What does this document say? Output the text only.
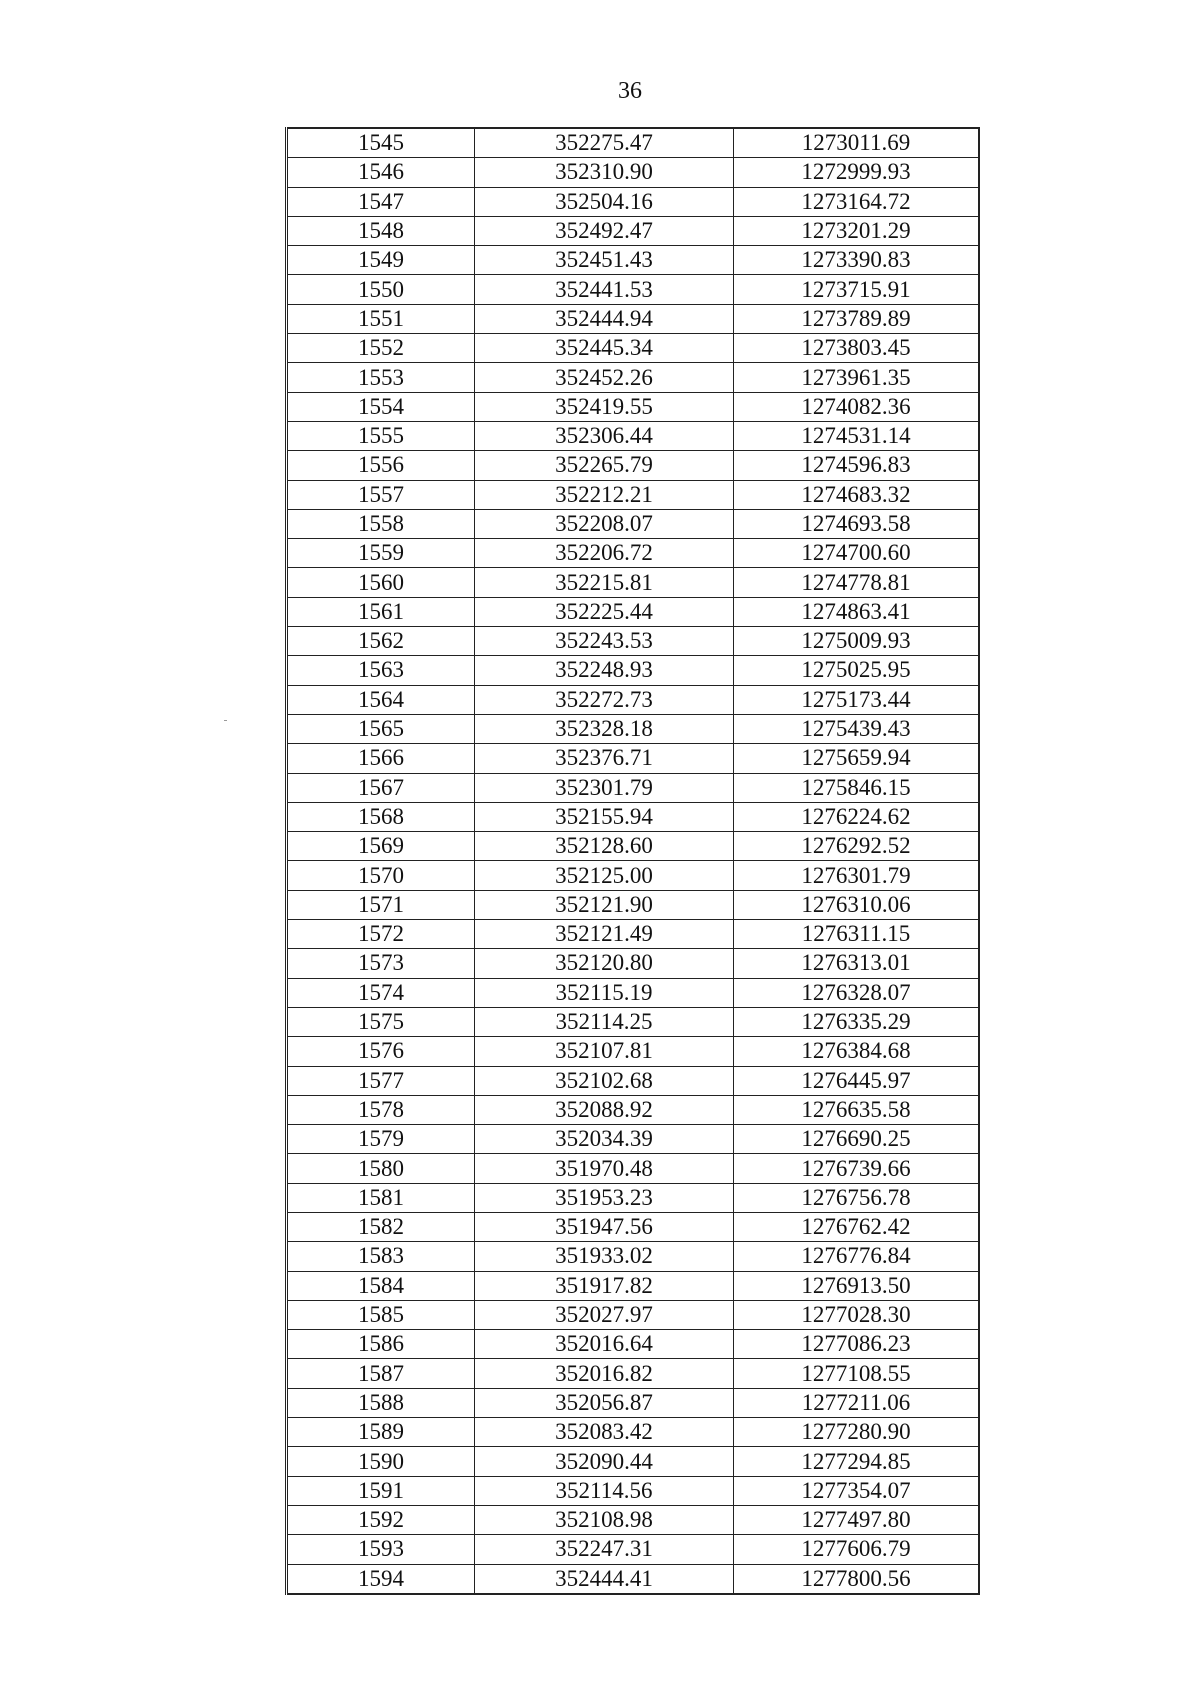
36
1545	352275.47	1273011.69
1546	352310.90	1272999.93
1547	352504.16	1273164.72
1548	352492.47	1273201.29
1549	352451.43	1273390.83
1550	352441.53	1273715.91
1551	352444.94	1273789.89
1552	352445.34	1273803.45
1553	352452.26	1273961.35
1554	352419.55	1274082.36
1555	352306.44	1274531.14
1556	352265.79	1274596.83
1557	352212.21	1274683.32
1558	352208.07	1274693.58
1559	352206.72	1274700.60
1560	352215.81	1274778.81
1561	352225.44	1274863.41
1562	352243.53	1275009.93
1563	352248.93	1275025.95
1564	352272.73	1275173.44
1565	352328.18	1275439.43
1566	352376.71	1275659.94
1567	352301.79	1275846.15
1568	352155.94	1276224.62
1569	352128.60	1276292.52
1570	352125.00	1276301.79
1571	352121.90	1276310.06
1572	352121.49	1276311.15
1573	352120.80	1276313.01
1574	352115.19	1276328.07
1575	352114.25	1276335.29
1576	352107.81	1276384.68
1577	352102.68	1276445.97
1578	352088.92	1276635.58
1579	352034.39	1276690.25
1580	351970.48	1276739.66
1581	351953.23	1276756.78
1582	351947.56	1276762.42
1583	351933.02	1276776.84
1584	351917.82	1276913.50
1585	352027.97	1277028.30
1586	352016.64	1277086.23
1587	352016.82	1277108.55
1588	352056.87	1277211.06
1589	352083.42	1277280.90
1590	352090.44	1277294.85
1591	352114.56	1277354.07
1592	352108.98	1277497.80
1593	352247.31	1277606.79
1594	352444.41	1277800.56
